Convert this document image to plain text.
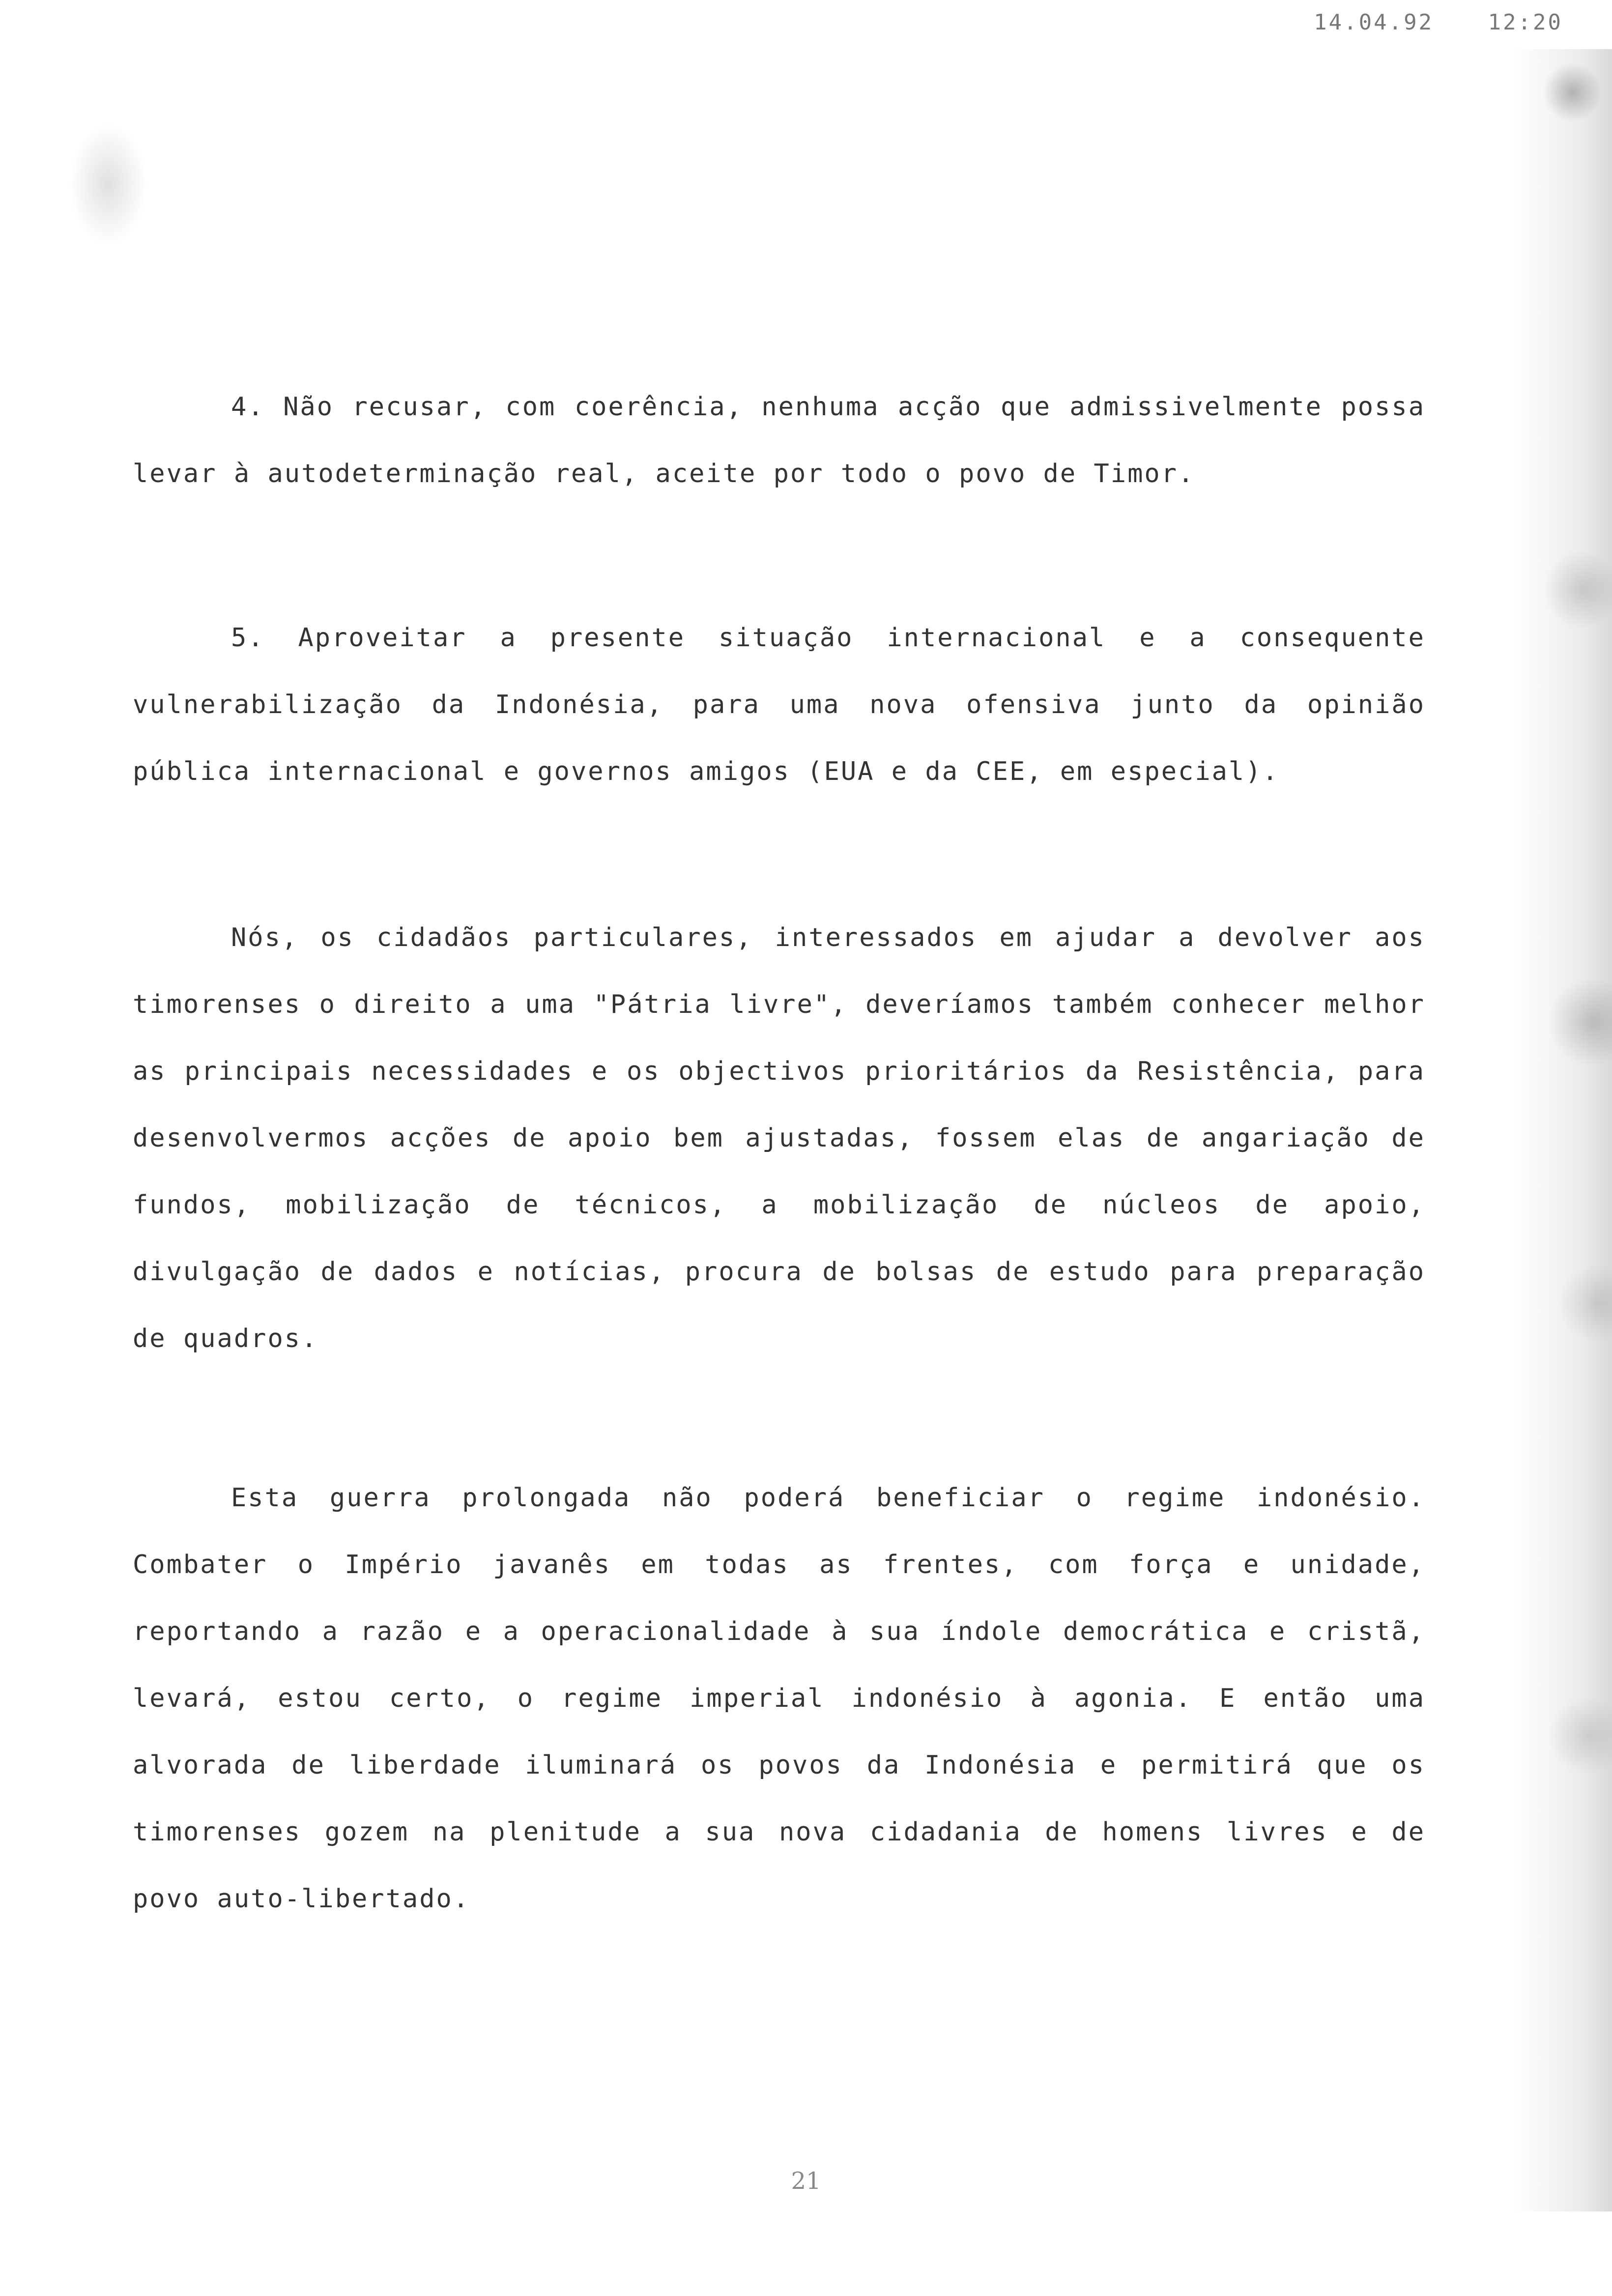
14.04.92	12:20

4. Não recusar, com coerência, nenhuma acção que admissivelmente possa levar à autodeterminação real, aceite por todo o povo de Timor.

5. Aproveitar a presente situação internacional e a consequente vulnerabilização da Indonésia, para uma nova ofensiva junto da opinião pública internacional e governos amigos (EUA e da CEE, em especial).

Nós, os cidadãos particulares, interessados em ajudar a devolver aos timorenses o direito a uma "Pátria livre", deveríamos também conhecer melhor as principais necessidades e os objectivos prioritários da Resistência, para desenvolvermos acções de apoio bem ajustadas, fossem elas de angariação de fundos, mobilização de técnicos, a mobilização de núcleos de apoio, divulgação de dados e notícias, procura de bolsas de estudo para preparação de quadros.

Esta guerra prolongada não poderá beneficiar o regime indonésio. Combater o Império javanês em todas as frentes, com força e unidade, reportando a razão e a operacionalidade à sua índole democrática e cristã, levará, estou certo, o regime imperial indonésio à agonia. E então uma alvorada de liberdade iluminará os povos da Indonésia e permitirá que os timorenses gozem na plenitude a sua nova cidadania de homens livres e de povo auto-libertado.

21
